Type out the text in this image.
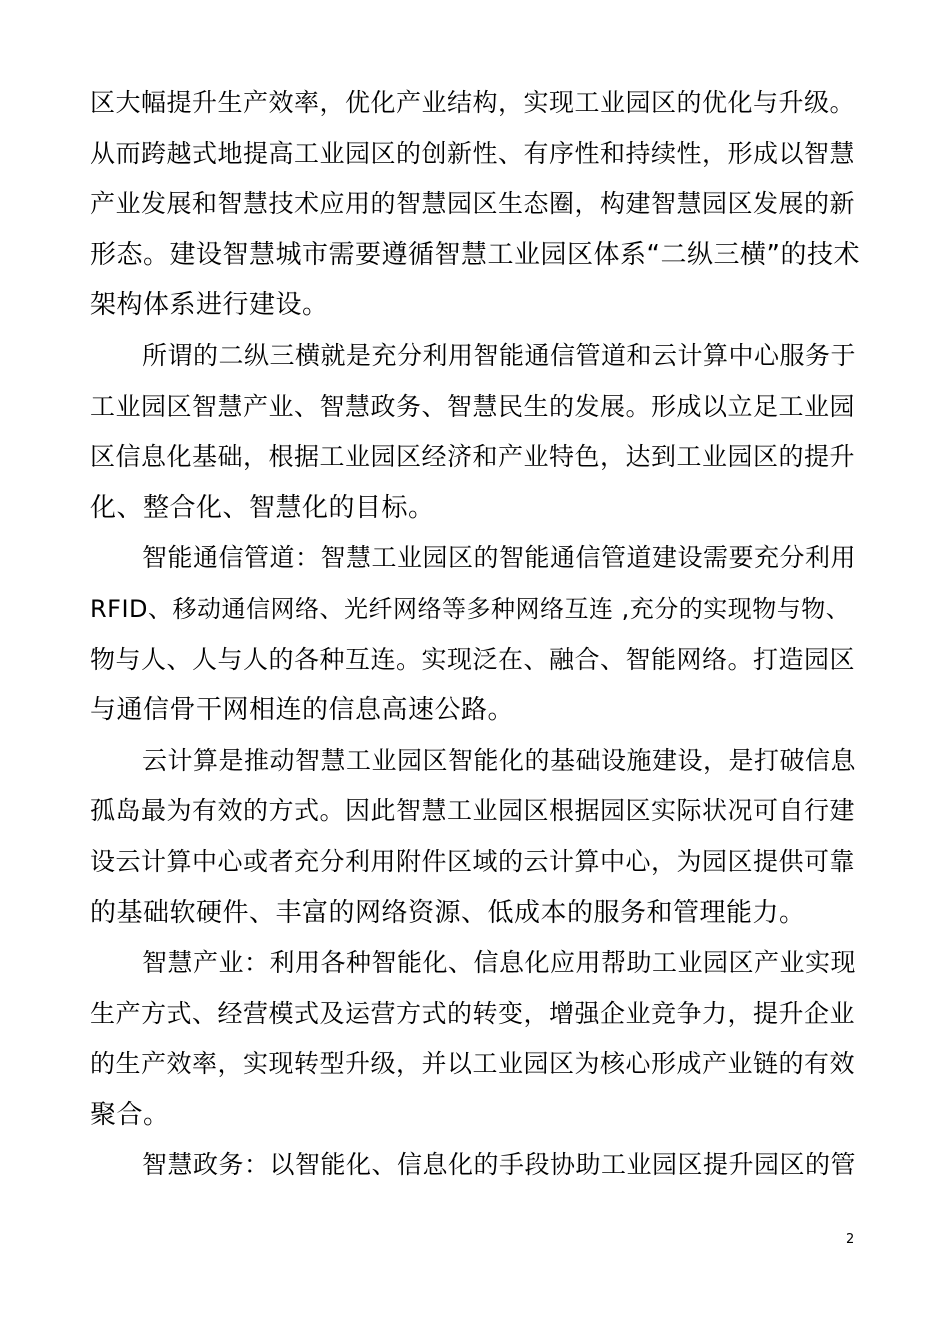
区大幅提升生产效率，优化产业结构，实现工业园区的优化与升级。
从而跨越式地提高工业园区的创新性、有序性和持续性，形成以智慧
产业发展和智慧技术应用的智慧园区生态圈，构建智慧园区发展的新
形态。建设智慧城市需要遵循智慧工业园区体系“二纵三横”的技术
架构体系进行建设。
所谓的二纵三横就是充分利用智能通信管道和云计算中心服务于
工业园区智慧产业、智慧政务、智慧民生的发展。形成以立足工业园
区信息化基础，根据工业园区经济和产业特色，达到工业园区的提升
化、整合化、智慧化的目标。
智能通信管道：智慧工业园区的智能通信管道建设需要充分利用
RFID、移动通信网络、光纤网络等多种网络互连 ,充分的实现物与物、
物与人、人与人的各种互连。实现泛在、融合、智能网络。打造园区
与通信骨干网相连的信息高速公路。
云计算是推动智慧工业园区智能化的基础设施建设，是打破信息
孤岛最为有效的方式。因此智慧工业园区根据园区实际状况可自行建
设云计算中心或者充分利用附件区域的云计算中心，为园区提供可靠
的基础软硬件、丰富的网络资源、低成本的服务和管理能力。
智慧产业：利用各种智能化、信息化应用帮助工业园区产业实现
生产方式、经营模式及运营方式的转变，增强企业竞争力，提升企业
的生产效率，实现转型升级，并以工业园区为核心形成产业链的有效
聚合。
智慧政务：以智能化、信息化的手段协助工业园区提升园区的管
2
